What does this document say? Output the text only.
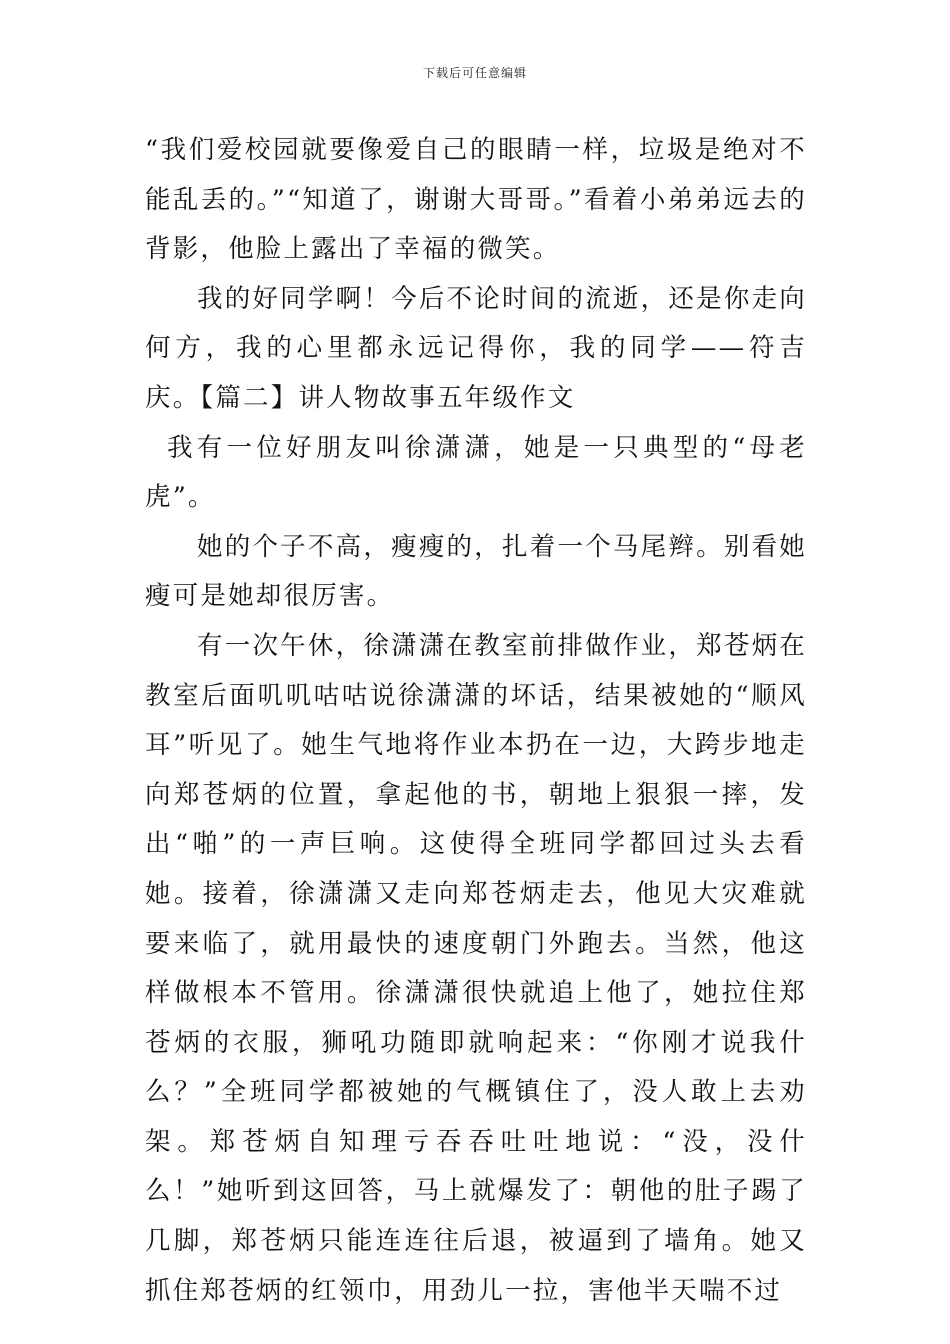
下载后可任意编辑

“我们爱校园就要像爱自己的眼睛一样，垃圾是绝对不能乱丢的。”“知道了，谢谢大哥哥。”看着小弟弟远去的背影，他脸上露出了幸福的微笑。

我的好同学啊！今后不论时间的流逝，还是你走向何方，我的心里都永远记得你，我的同学——符吉庆。【篇二】讲人物故事五年级作文

我有一位好朋友叫徐潇潇，她是一只典型的“母老虎”。

她的个子不高，瘦瘦的，扎着一个马尾辫。别看她瘦可是她却很厉害。

有一次午休，徐潇潇在教室前排做作业，郑苍炳在教室后面叽叽咕咕说徐潇潇的坏话，结果被她的“顺风耳”听见了。她生气地将作业本扔在一边，大跨步地走向郑苍炳的位置，拿起他的书，朝地上狠狠一摔，发出“啪”的一声巨响。这使得全班同学都回过头去看她。接着，徐潇潇又走向郑苍炳走去，他见大灾难就要来临了，就用最快的速度朝门外跑去。当然，他这样做根本不管用。徐潇潇很快就追上他了，她拉住郑苍炳的衣服，狮吼功随即就响起来：“你刚才说我什么？”全班同学都被她的气概镇住了，没人敢上去劝架。郑苍炳自知理亏吞吞吐吐地说：“没，没什么！”她听到这回答，马上就爆发了：朝他的肚子踢了几脚，郑苍炳只能连连往后退，被逼到了墙角。她又抓住郑苍炳的红领巾，用劲儿一拉，害他半天喘不过
